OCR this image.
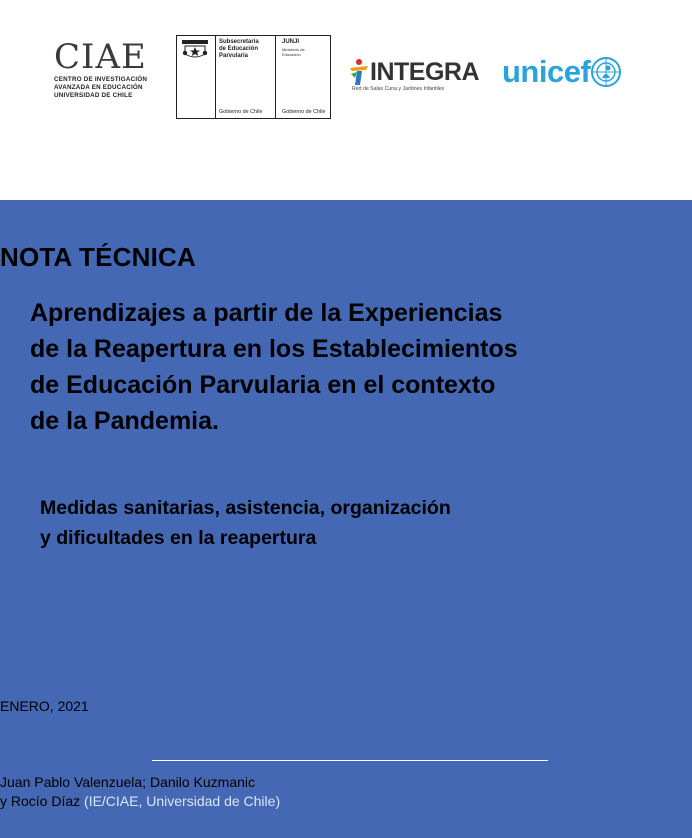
CIAE
CENTRO DE INVESTIGACIÓN
AVANZADA EN EDUCACIÓN
UNIVERSIDAD DE CHILE
Subsecretaría
de Educación
Parvularia
Gobierno de Chile
JUNJI
Ministerio de
Educación
Gobierno de Chile
INTEGRA
Red de Salas Cuna y Jardines Infantiles	unicef
NOTA TÉCNICA
Aprendizajes a partir de la Experiencias
de la Reapertura en los Establecimientos
de Educación Parvularia en el contexto
de la Pandemia.
Medidas sanitarias, asistencia, organización
y dificultades en la reapertura
ENERO, 2021
Juan Pablo Valenzuela; Danilo Kuzmanic
y Rocío Díaz (IE/CIAE, Universidad de Chile)
